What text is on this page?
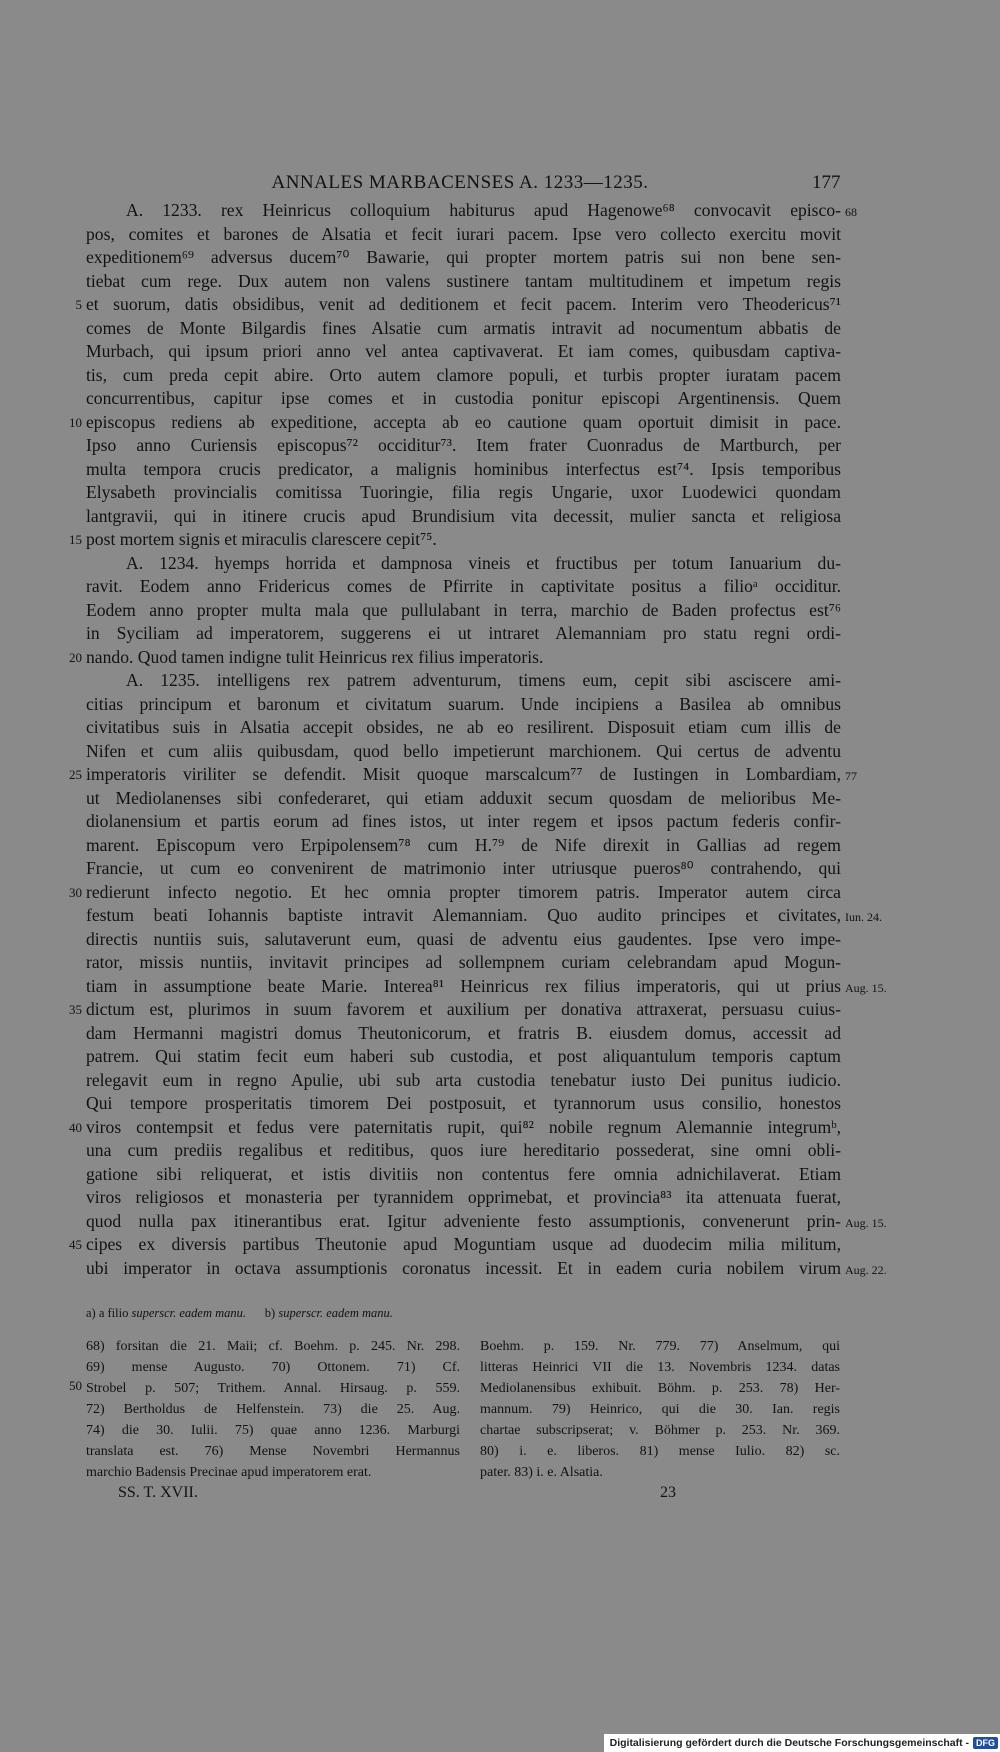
ANNALES MARBACENSES A. 1233—1235.	177
A. 1233. rex Heinricus colloquium habiturus apud Hagenowe⁶⁸ convocavit episco- 68
pos, comites et barones de Alsatia et fecit iurari pacem. Ipse vero collecto exercitu movit
expeditionem⁶⁹ adversus ducem⁷⁰ Bawarie, qui propter mortem patris sui non bene sen-
tiebat cum rege. Dux autem non valens sustinere tantam multitudinem et impetum regis
et suorum, datis obsidibus, venit ad deditionem et fecit pacem. Interim vero Theodericus⁷¹
5
comes de Monte Bilgardis fines Alsatie cum armatis intravit ad nocumentum abbatis de
Murbach, qui ipsum priori anno vel antea captivaverat. Et iam comes, quibusdam captiva-
tis, cum preda cepit abire. Orto autem clamore populi, et turbis propter iuratam pacem
concurrentibus, capitur ipse comes et in custodia ponitur episcopi Argentinensis. Quem
episcopus rediens ab expeditione, accepta ab eo cautione quam oportuit dimisit in pace.
10
Ipso anno Curiensis episcopus⁷² occiditur⁷³. Item frater Cuonradus de Martburch, per
multa tempora crucis predicator, a malignis hominibus interfectus est⁷⁴. Ipsis temporibus
Elysabeth provincialis comitissa Tuoringie, filia regis Ungarie, uxor Luodewici quondam
lantgravii, qui in itinere crucis apud Brundisium vita decessit, mulier sancta et religiosa
post mortem signis et miraculis clarescere cepit⁷⁵.
15
A. 1234. hyemps horrida et dampnosa vineis et fructibus per totum Ianuarium du-
ravit. Eodem anno Fridericus comes de Pfirrite in captivitate positus a filioᵃ occiditur.
Eodem anno propter multa mala que pullulabant in terra, marchio de Baden profectus est⁷⁶
in Syciliam ad imperatorem, suggerens ei ut intraret Alemanniam pro statu regni ordi-
nando. Quod tamen indigne tulit Heinricus rex filius imperatoris.
20
A. 1235. intelligens rex patrem adventurum, timens eum, cepit sibi asciscere ami-
citias principum et baronum et civitatum suarum. Unde incipiens a Basilea ab omnibus
civitatibus suis in Alsatia accepit obsides, ne ab eo resilirent. Disposuit etiam cum illis de
Nifen et cum aliis quibusdam, quod bello impetierunt marchionem. Qui certus de adventu
imperatoris viriliter se defendit. Misit quoque marscalcum⁷⁷ de Iustingen in Lombardiam,
25	77
ut Mediolanenses sibi confederaret, qui etiam adduxit secum quosdam de melioribus Me-
diolanensium et partis eorum ad fines istos, ut inter regem et ipsos pactum federis confir-
marent. Episcopum vero Erpipolensem⁷⁸ cum H.⁷⁹ de Nife direxit in Gallias ad regem
Francie, ut cum eo convenirent de matrimonio inter utriusque pueros⁸⁰ contrahendo, qui
redierunt infecto negotio. Et hec omnia propter timorem patris. Imperator autem circa
30
festum beati Iohannis baptiste intravit Alemanniam. Quo audito principes et civitates, Iun. 24.
directis nuntiis suis, salutaverunt eum, quasi de adventu eius gaudentes. Ipse vero impe-
rator, missis nuntiis, invitavit principes ad sollempnem curiam celebrandam apud Mogun-
tiam in assumptione beate Marie. Interea⁸¹ Heinricus rex filius imperatoris, qui ut prius Aug. 15.
dictum est, plurimos in suum favorem et auxilium per donativa attraxerat, persuasu cuius-
35
dam Hermanni magistri domus Theutonicorum, et fratris B. eiusdem domus, accessit ad
patrem. Qui statim fecit eum haberi sub custodia, et post aliquantulum temporis captum
relegavit eum in regno Apulie, ubi sub arta custodia tenebatur iusto Dei punitus iudicio.
Qui tempore prosperitatis timorem Dei postposuit, et tyrannorum usus consilio, honestos
viros contempsit et fedus vere paternitatis rupit, qui⁸² nobile regnum Alemannie integrumᵇ,
40
una cum prediis regalibus et reditibus, quos iure hereditario possederat, sine omni obli-
gatione sibi reliquerat, et istis divitiis non contentus fere omnia adnichilaverat. Etiam
viros religiosos et monasteria per tyrannidem opprimebat, et provincia⁸³ ita attenuata fuerat,
quod nulla pax itinerantibus erat. Igitur adveniente festo assumptionis, convenerunt prin- Aug. 15.
cipes ex diversis partibus Theutonie apud Moguntiam usque ad duodecim milia militum,
45
ubi imperator in octava assumptionis coronatus incessit. Et in eadem curia nobilem virum Aug. 22.
a) a filio superscr. eadem manu. b) superscr. eadem manu.
68) forsitan die 21. Maii; cf. Boehm. p. 245. Nr. 298.
69) mense Augusto. 70) Ottonem. 71) Cf.
Strobel p. 507; Trithem. Annal. Hirsaug. p. 559.
72) Bertholdus de Helfenstein. 73) die 25. Aug.
74) die 30. Iulii. 75) quae anno 1236. Marburgi
translata est. 76) Mense Novembri Hermannus
marchio Badensis Precinae apud imperatorem erat.
Boehm. p. 159. Nr. 779. 77) Anselmum, qui
litteras Heinrici VII die 13. Novembris 1234. datas
Mediolanensibus exhibuit. Böhm. p. 253. 78) Her-
mannum. 79) Heinrico, qui die 30. Ian. regis
chartae subscripserat; v. Böhmer p. 253. Nr. 369.
80) i. e. liberos. 81) mense Iulio. 82) sc.
pater. 83) i. e. Alsatia.
50
SS. T. XVII.	23
Digitalisierung gefördert durch die Deutsche Forschungsgemeinschaft - DFG
